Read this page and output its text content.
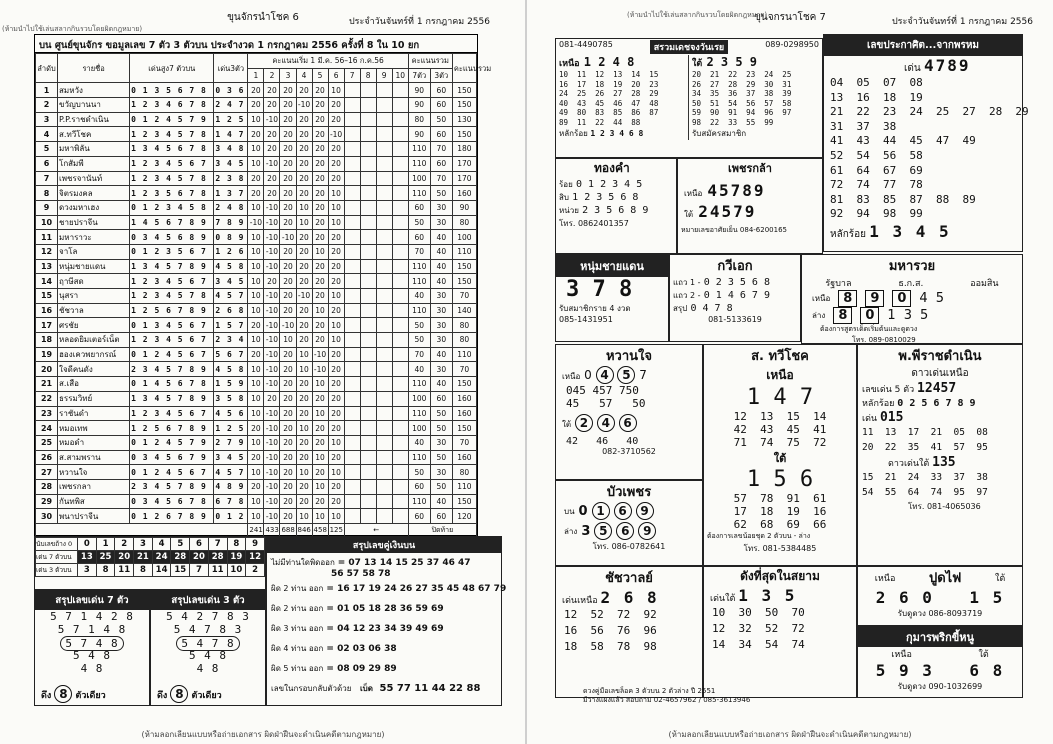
ขุนจักรนำโชค 6	ประจำวันจันทร์ที่ 1 กรกฎาคม 2556
(ห้ามนำไปใช้เล่นสลากกินรวบโดยผิดกฎหมาย)
บน ศูนย์ขุนจักร ขอมูลเลข 7 ตัว 3 ตัวบน ประจำงวด 1 กรกฎาคม 2556 ครั้งที่ 8 ใน 10 ยก
ลำดับ	รายชื่อ	เด่นสูง7 ตัวบน	เด่น3ตัว	คะแนนเริ่ม 1 มี.ค. 56–16 ก.ค.56										คะแนนรวม		คะแนนรวม
				1	2	3	4	5	6	7	8	9	10	7ตัว	3ตัว	
1	สมหวัง	0 1 3 5 6 7 8	0 3 6	20	20	20	20	20	10					90	60	150
2	ขวัญบานนา	1 2 3 4 6 7 8	2 4 7	20	20	20	-10	20	20					90	60	150
3	P.P.ราชดำเนิน	0 1 2 4 5 7 9	1 2 5	10	-10	20	20	20	20					80	50	130
4	ส.ทวีโชค	1 2 3 4 5 7 8	1 4 7	20	20	20	20	20	-10					90	60	150
5	มหาพิลัน	1 3 4 5 6 7 8	3 4 8	10	20	20	20	20	20					110	70	180
6	โกสัมพี	1 2 3 4 5 6 7	3 4 5	10	-10	20	20	20	20					110	60	170
7	เพชรจานันท์	1 2 3 4 5 7 8	2 3 8	20	20	20	20	20	20					100	70	170
8	จิตรมงคล	1 2 3 5 6 7 8	1 3 7	20	20	20	20	20	10					110	50	160
9	ดวงมหาเฮง	0 1 2 3 4 5 8	2 4 8	10	-10	20	10	20	10					60	30	90
10	ชายปราจีน	1 4 5 6 7 8 9	7 8 9	-10	-10	20	10	20	10					50	30	80
11	มหาราวะ	0 3 4 5 6 8 9	0 8 9	10	-10	-10	20	20	20					60	40	100
12	จาโล	0 1 2 3 5 6 7	1 2 6	10	-10	20	20	10	20					70	40	110
13	หนุ่มชายแดน	1 3 4 5 7 8 9	4 5 8	10	-10	20	20	20	20					110	40	150
14	ฤาษีสด	1 2 3 4 5 6 7	3 4 5	10	20	20	20	20	20					110	40	150
15	นุสรา	1 2 3 4 5 7 8	4 5 7	10	-10	20	-10	20	10					40	30	70
16	ชัชวาล	1 2 5 6 7 8 9	2 6 8	10	-10	20	20	10	20					110	30	140
17	ศรชัย	0 1 3 4 5 6 7	1 5 7	20	-10	-10	20	20	10					50	30	80
18	หลอดยิมเตอร์เน็ต	1 2 3 4 5 6 7	2 3 4	10	-10	10	20	20	10					50	30	80
19	ฮองเควพยากรณ์	0 1 2 4 5 6 7	5 6 7	20	-10	20	10	-10	20					70	40	110
20	ใจดีคนดัง	2 3 4 5 7 8 9	4 5 8	10	-10	20	10	-10	20					40	30	70
21	ส.เสือ	0 1 4 5 6 7 8	1 5 9	10	-10	20	20	10	20					110	40	150
22	ธรรมวิทย์	1 3 4 5 7 8 9	3 5 8	10	20	20	20	20	20					100	60	160
23	ราชันดำ	1 2 3 4 5 6 7	4 5 6	10	-10	20	20	10	20					110	50	160
24	หมอเทพ	1 2 5 6 7 8 9	1 2 5	20	-10	20	10	20	20					100	50	150
25	หมอดำ	0 1 2 4 5 7 9	2 7 9	10	-10	20	20	20	10					40	30	70
26	ส.สามพราน	0 3 4 5 6 7 9	3 4 5	20	-10	20	20	10	20					110	50	160
27	หวานใจ	0 1 2 4 5 6 7	4 5 7	10	-10	20	10	20	10					50	30	80
28	เพชรกลา	2 3 4 5 7 8 9	4 8 9	20	-10	20	20	10	20					60	50	110
29	กันทพิส	0 3 4 5 6 7 8	6 7 8	10	-10	20	20	20	20					110	40	150
30	พนาปราจีน	0 1 2 6 7 8 9	0 1 2	10	-10	20	10	10	10					60	60	120
				241	433	688	846	458	125	←				ปิดท้าย		
นับเลขถ้าง 0	0	1	2	3	4	5	6	7	8	9
เด่น 7 ตัวบน	13	25	20	21	24	28	20	28	19	12
เด่น 3 ตัวบน	3	8	11	8	14	15	7	11	10	2
สรุปเลขคู่เงินบน
ไม่มีท่านใดพิดออก = 07 13 14 15 25 37 46 47
56 57 58 78
ผิด 2 ท่าน ออก = 16 17 19 24 26 27 35 45 48 67 79
ผิด 2 ท่าน ออก = 01 05 18 28 36 59 69
ผิด 3 ท่าน ออก = 04 12 23 34 39 49 69
ผิด 4 ท่าน ออก = 02 03 06 38
ผิด 5 ท่าน ออก = 08 09 29 89
เลขในกรอบกลับตัวด้วย เบ็ด 55 77 11 44 22 88
สรุปเลขเด่น 7 ตัว
5 7 1 4 2 8
5 7 1 4 8
5 7 4 8
5 4 8
4 8
ดึง 8 ตัวเดียว
สรุปเลขเด่น 3 ตัว
5 4 2 7 8 3
5 4 7 8 3
5 4 7 8
5 4 8
4 8
ดึง 8 ตัวเดียว
(ห้ามลอกเลียนแบบหรือถ่ายเอกสาร ผิดฝ่าฝืนจะดำเนินคดีตามกฎหมาย)
ขุนจกรนาโชค 7	ประจำวันจันทร์ที่ 1 กรกฎาคม 2556
(ห้ามนำไปใช้เล่นสลากกินรวบโดยผิดกฎหมาย)
081-4490785	สรวมเดชจงวันเรย	089-0298950
เหนือ 1 2 4 8
10  11  12  13  14  15
16  17  18  19  20  23
24  25  26  27  28  29
40  43  45  46  47  48
49  80  83  85  86  87
89  11  22  44  88
หลักร้อย 1 2 3 4 6 8
ใต้ 2 3 5 9
20  21  22  23  24  25
26  27  28  29  30  31
34  35  36  37  38  39
50  51  54  56  57  58
59  90  91  94  96  97
98  22  33  55  99
รับสมัครสมาชิก
เลขประกาศิต...จากพรหม
เด่น 4789
04  05  07  08
13  16  18  19
21  22  23  24  25  27  28  29
31  37  38
41  43  44  45  47  49
52  54  56  58
61  64  67  69
72  74  77  78
81  83  85  87  88  89
92  94  98  99
หลักร้อย 1 3 4 5
ทองคำ
ร้อย 0 1 2 3 4 5
สิบ 1 2 3 5 6 8
หน่วย 2 3 5 6 8 9
โทร. 0862401357
เพชรกล้า
เหนือ 45789
ใต้ 24579
หมายเลขอาศัยเย็น 084-6200165
หนุ่มชายแดน
3 7 8
รับสมาชิกราย 4 งวด
085-1431951
กวีเอก
แถว 1 - 0 2 3 5 6 8
แถว 2 - 0 1 4 6 7 9
สรุป 0 4 7 8
081-5133619
มหารวย
รัฐบาล	ธ.ก.ส.	ออมสิน
เหนือ	8	9	0	4 5
ล่าง	8	0	1 3 5
ต้องการสูตรเด็ดเริ่มต้นและดูดวง
โทร. 089-0810029
หวานใจ
เหนือ 0 4 5 7
045 457 750
45   57   50
ใต้ 2 4 6
42   46   40
082-3710562
ส. ทวีโชค
เหนือ
1 4 7
12  13  15  14
42  43  45  41
71  74  75  72
ใต้
1 5 6
57  78  91  61
17  18  19  16
62  68  69  66
ต้องการเลขน้อยชุด 2 ตัวบน - ล่าง
โทร. 081-5384485
พ.พีราชดำเนิน
ดาวเด่นเหนือ
เลขเด่น 5 ตัว 12457
หลักร้อย 0 2 5 6 7 8 9
เด่น 015
11  13  17  21  05  08
20  22  35  41  57  95
ดาวเด่นใต้ 135
15  21  24  33  37  38
54  55  64  74  95  97
โทร. 081-4065036
บัวเพชร
บน 0 1	6	9
ล่าง 3 5	6	9
โทร. 086-0782641
ชัชวาลย์
เด่นเหนือ 2 6 8
12  52  72  92
16  56  76  96
18  58  78  98
ดังที่สุดในสยาม
เด่นใต้ 1 3 5
10  30  50  70
12  32  52  72
14  34  54  74
ดวงคู่มือเลขล็อค 3 ตัวบน 2 ตัวล่าง ปี 2551
มีวางแผงแล้ว สอบถาม 02-4657962 / 085-3613946
เหนือ	ปูดไฟ	ใต้
2 6 0 1 5
รับดูดวง 086-8093719
กุมารพริกขี้หนู
เหนือ	ใต้
5 9 3 6 8
รับดูดวง 090-1032699
(ห้ามลอกเลียนแบบหรือถ่ายเอกสาร ผิดฝ่าฝืนจะดำเนินคดีตามกฎหมาย)
